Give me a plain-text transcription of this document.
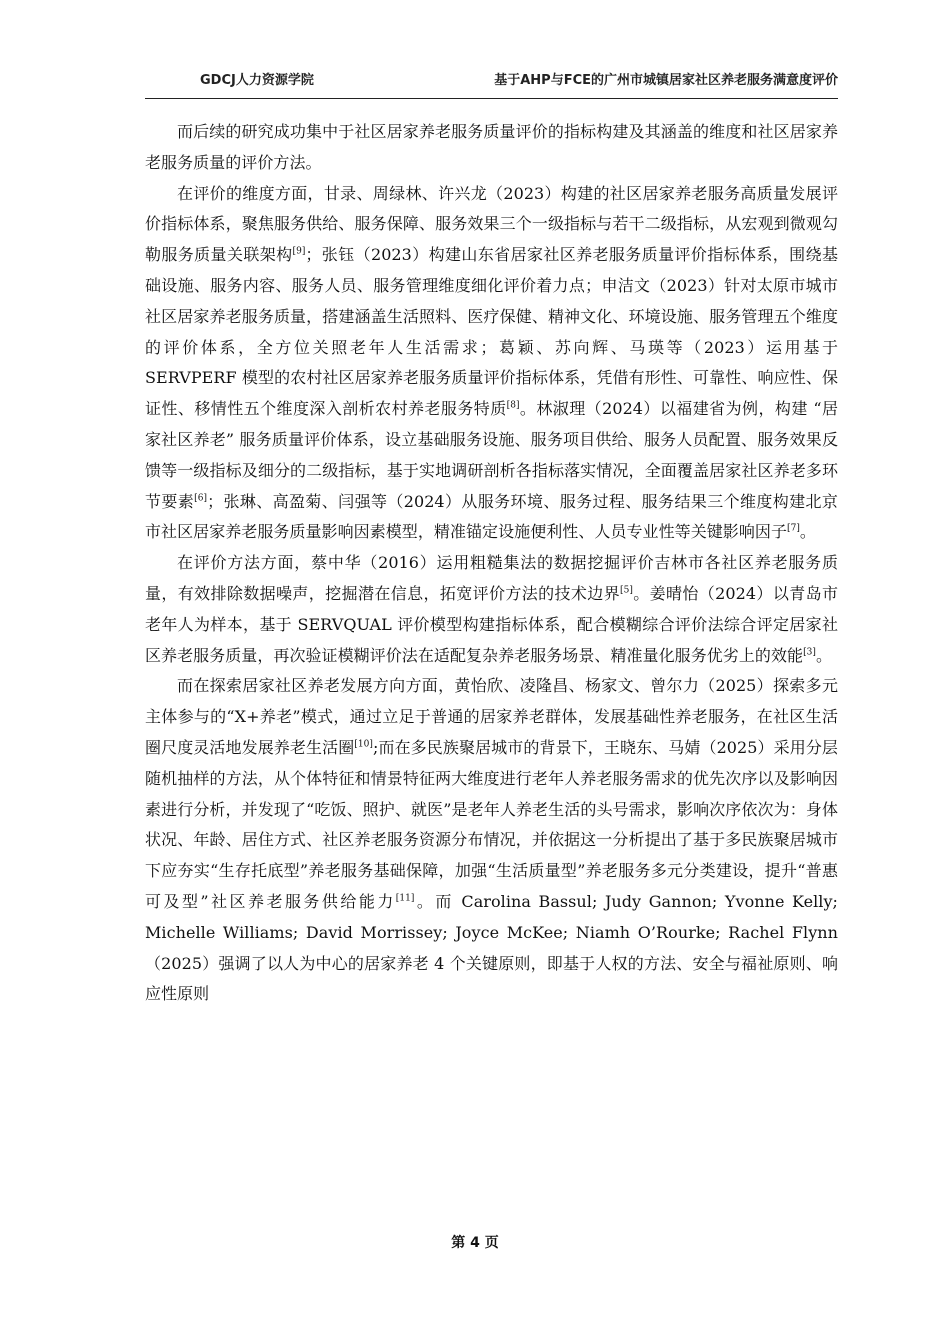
GDCJ人力资源学院	基于AHP与FCE的广州市城镇居家社区养老服务满意度评价

而后续的研究成功集中于社区居家养老服务质量评价的指标构建及其涵盖的维度和社区居家养老服务质量的评价方法。

在评价的维度方面，甘录、周绿林、许兴龙（2023）构建的社区居家养老服务高质量发展评价指标体系，聚焦服务供给、服务保障、服务效果三个一级指标与若干二级指标，从宏观到微观勾勒服务质量关联架构[9]；张钰（2023）构建山东省居家社区养老服务质量评价指标体系，围绕基础设施、服务内容、服务人员、服务管理维度细化评价着力点；申洁文（2023）针对太原市城市社区居家养老服务质量，搭建涵盖生活照料、医疗保健、精神文化、环境设施、服务管理五个维度的评价体系，全方位关照老年人生活需求；葛颖、苏向辉、马瑛等（2023）运用基于SERVPERF 模型的农村社区居家养老服务质量评价指标体系，凭借有形性、可靠性、响应性、保证性、移情性五个维度深入剖析农村养老服务特质[8]。林淑理（2024）以福建省为例，构建 “居家社区养老” 服务质量评价体系，设立基础服务设施、服务项目供给、服务人员配置、服务效果反馈等一级指标及细分的二级指标，基于实地调研剖析各指标落实情况，全面覆盖居家社区养老多环节要素[6]；张琳、高盈菊、闫强等（2024）从服务环境、服务过程、服务结果三个维度构建北京市社区居家养老服务质量影响因素模型，精准锚定设施便利性、人员专业性等关键影响因子[7]。

在评价方法方面，蔡中华（2016）运用粗糙集法的数据挖掘评价吉林市各社区养老服务质量，有效排除数据噪声，挖掘潜在信息，拓宽评价方法的技术边界[5]。姜晴怡（2024）以青岛市老年人为样本，基于 SERVQUAL 评价模型构建指标体系，配合模糊综合评价法综合评定居家社区养老服务质量，再次验证模糊评价法在适配复杂养老服务场景、精准量化服务优劣上的效能[3]。

而在探索居家社区养老发展方向方面，黄怡欣、凌隆昌、杨家文、曾尔力（2025）探索多元主体参与的“X+养老”模式，通过立足于普通的居家养老群体，发展基础性养老服务，在社区生活圈尺度灵活地发展养老生活圈[10];而在多民族聚居城市的背景下，王晓东、马婧（2025）采用分层随机抽样的方法，从个体特征和情景特征两大维度进行老年人养老服务需求的优先次序以及影响因素进行分析，并发现了“吃饭、照护、就医”是老年人养老生活的头号需求，影响次序依次为：身体状况、年龄、居住方式、社区养老服务资源分布情况，并依据这一分析提出了基于多民族聚居城市下应夯实“生存托底型”养老服务基础保障，加强“生活质量型”养老服务多元分类建设，提升“普惠可及型”社区养老服务供给能力[11]。而 Carolina Bassul; Judy Gannon; Yvonne Kelly; Michelle Williams; David Morrissey; Joyce McKee; Niamh O’Rourke; Rachel Flynn（2025）强调了以人为中心的居家养老 4 个关键原则，即基于人权的方法、安全与福祉原则、响应性原则

第 4 页
